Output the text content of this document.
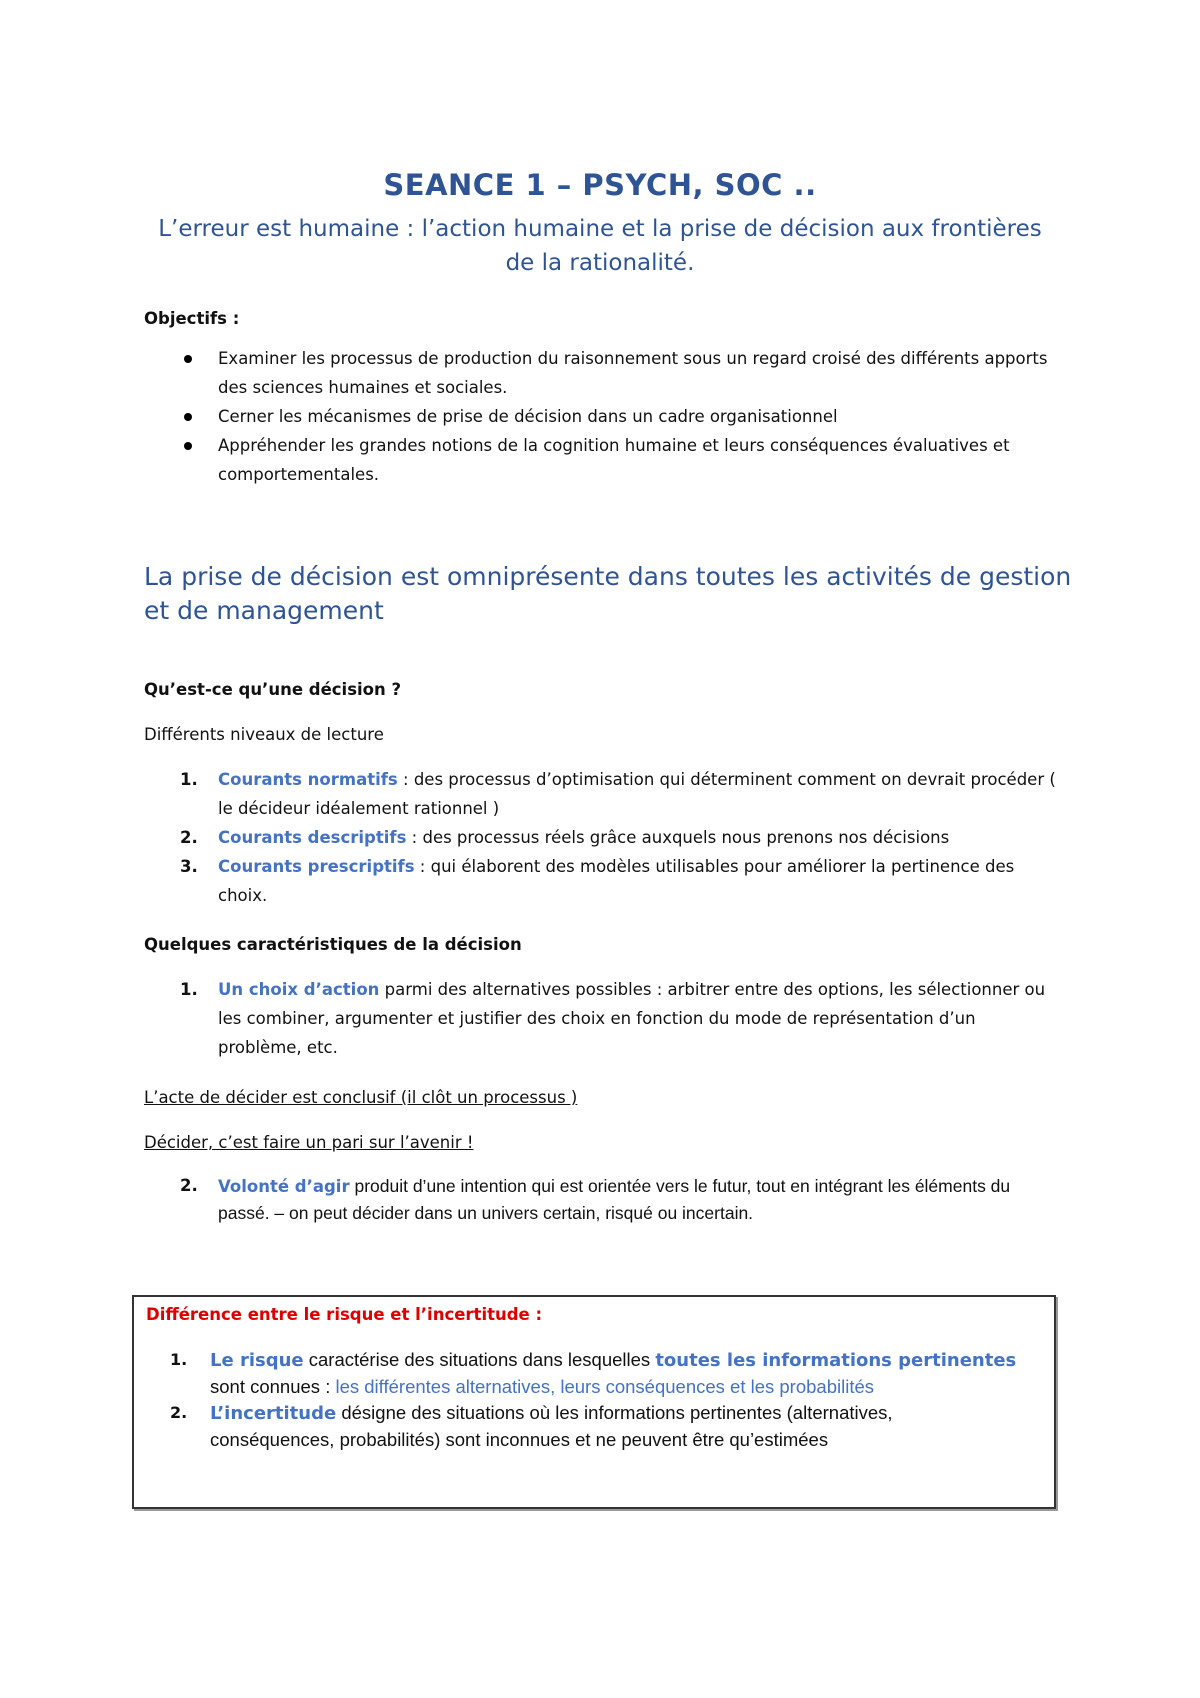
SEANCE 1 – PSYCH, SOC ..
L’erreur est humaine : l’action humaine et la prise de décision aux frontières de la rationalité.
Objectifs :
Examiner les processus de production du raisonnement sous un regard croisé des différents apports des sciences humaines et sociales.
Cerner les mécanismes de prise de décision dans un cadre organisationnel
Appréhender les grandes notions de la cognition humaine et leurs conséquences évaluatives et comportementales.
La prise de décision est omniprésente dans toutes les activités de gestion et de management
Qu’est-ce qu’une décision ?
Différents niveaux de lecture
1. Courants normatifs : des processus d’optimisation qui déterminent comment on devrait procéder ( le décideur idéalement rationnel )
2. Courants descriptifs : des processus réels grâce auxquels nous prenons nos décisions
3. Courants prescriptifs : qui élaborent des modèles utilisables pour améliorer la pertinence des choix.
Quelques caractéristiques de la décision
1. Un choix d’action parmi des alternatives possibles : arbitrer entre des options, les sélectionner ou les combiner, argumenter et justifier des choix en fonction du mode de représentation d’un problème, etc.
L’acte de décider est conclusif (il clôt un processus )
Décider, c’est faire un pari sur l’avenir !
2. Volonté d’agir produit d’une intention qui est orientée vers le futur, tout en intégrant les éléments du passé. – on peut décider dans un univers certain, risqué ou incertain.
Différence entre le risque et l’incertitude :
1. Le risque caractérise des situations dans lesquelles toutes les informations pertinentes sont connues : les différentes alternatives, leurs conséquences et les probabilités
2. L’incertitude désigne des situations où les informations pertinentes (alternatives, conséquences, probabilités) sont inconnues et ne peuvent être qu’estimées
